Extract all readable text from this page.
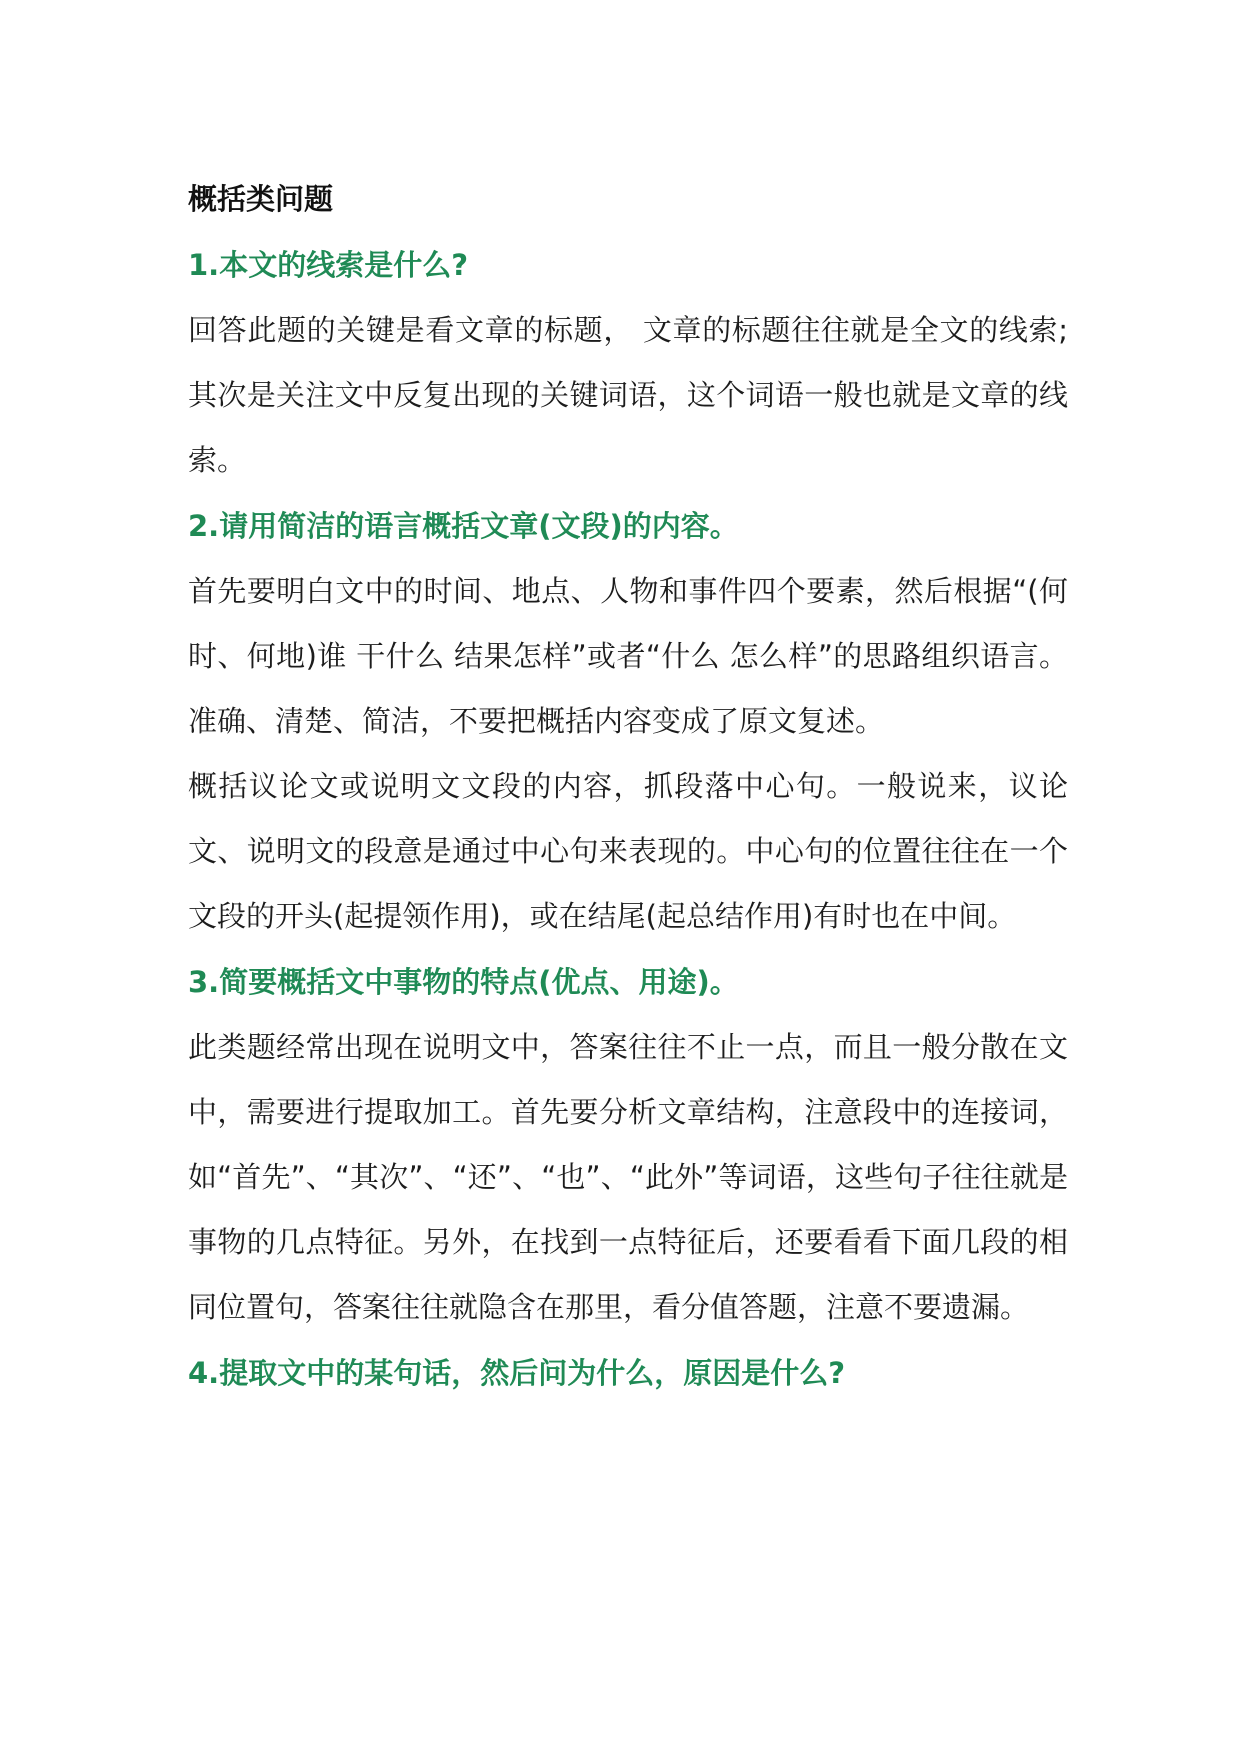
概括类问题

1.本文的线索是什么?

回答此题的关键是看文章的标题， 文章的标题往往就是全文的线索;其次是关注文中反复出现的关键词语，这个词语一般也就是文章的线索。

2.请用简洁的语言概括文章(文段)的内容。

首先要明白文中的时间、地点、人物和事件四个要素，然后根据“(何时、何地)谁 干什么 结果怎样”或者“什么 怎么样”的思路组织语言。准确、清楚、简洁，不要把概括内容变成了原文复述。

概括议论文或说明文文段的内容，抓段落中心句。一般说来，议论文、说明文的段意是通过中心句来表现的。中心句的位置往往在一个文段的开头(起提领作用)，或在结尾(起总结作用)有时也在中间。

3.简要概括文中事物的特点(优点、用途)。

此类题经常出现在说明文中，答案往往不止一点，而且一般分散在文中，需要进行提取加工。首先要分析文章结构，注意段中的连接词，如“首先”、“其次”、“还”、“也”、“此外”等词语，这些句子往往就是事物的几点特征。另外，在找到一点特征后，还要看看下面几段的相同位置句，答案往往就隐含在那里，看分值答题，注意不要遗漏。

4.提取文中的某句话，然后问为什么，原因是什么?
